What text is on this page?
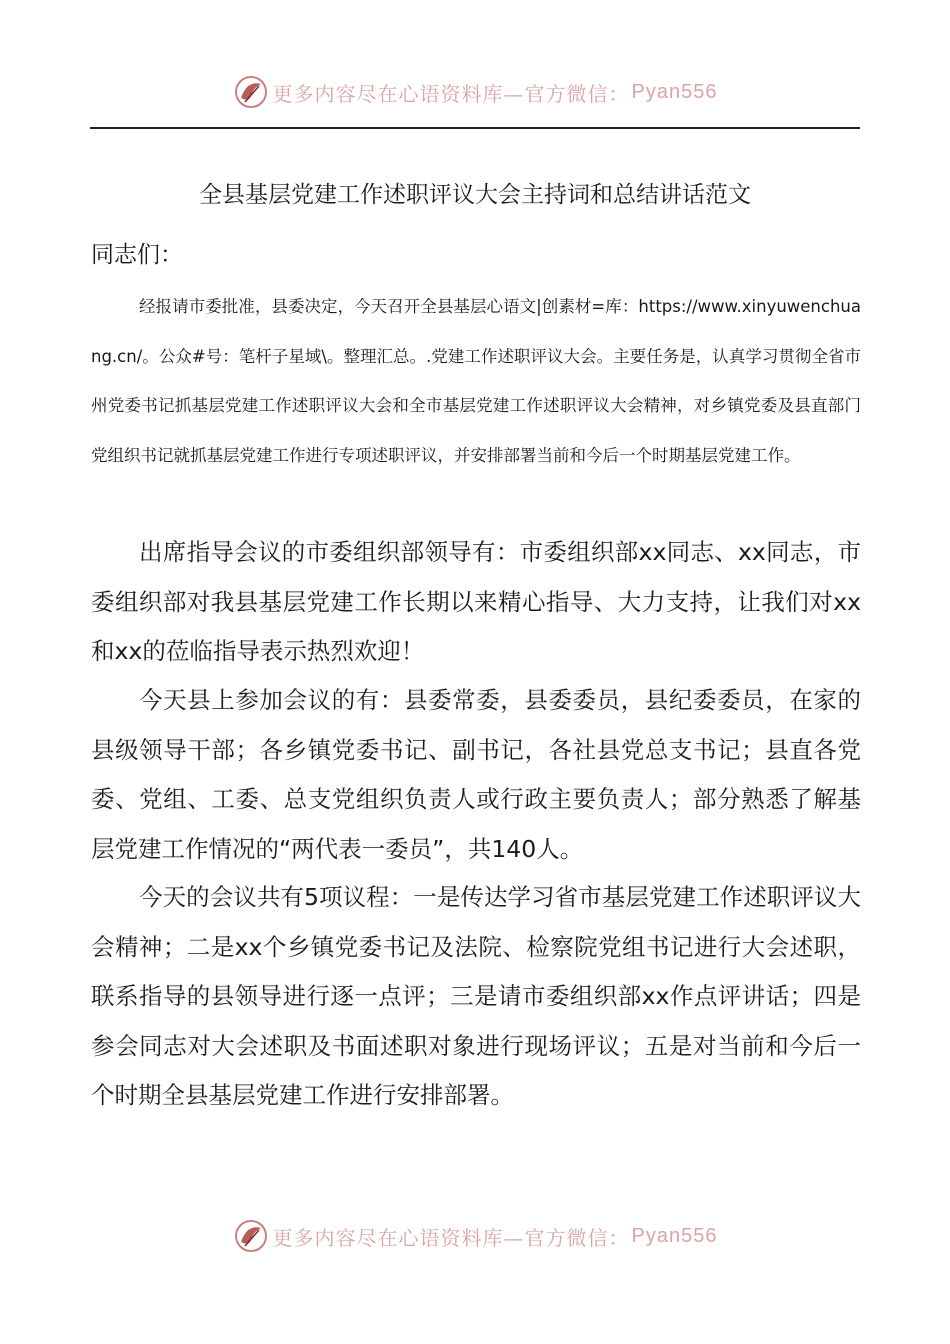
更多内容尽在心语资料库—官方微信： Pyan556
全县基层党建工作述职评议大会主持词和总结讲话范文
同志们：
经报请市委批准，县委决定，今天召开全县基层心语文|创素材=库：https://www.xinyuwenchuang.cn/。公众#号：笔杆子星域\。整理汇总。.党建工作述职评议大会。主要任务是，认真学习贯彻全省市州党委书记抓基层党建工作述职评议大会和全市基层党建工作述职评议大会精神，对乡镇党委及县直部门党组织书记就抓基层党建工作进行专项述职评议，并安排部署当前和今后一个时期基层党建工作。
出席指导会议的市委组织部领导有：市委组织部xx同志、xx同志，市委组织部对我县基层党建工作长期以来精心指导、大力支持，让我们对xx和xx的莅临指导表示热烈欢迎！
今天县上参加会议的有：县委常委，县委委员，县纪委委员，在家的县级领导干部；各乡镇党委书记、副书记，各社县党总支书记；县直各党委、党组、工委、总支党组织负责人或行政主要负责人；部分熟悉了解基层党建工作情况的“两代表一委员”，共140人。
今天的会议共有5项议程：一是传达学习省市基层党建工作述职评议大会精神；二是xx个乡镇党委书记及法院、检察院党组书记进行大会述职，联系指导的县领导进行逐一点评；三是请市委组织部xx作点评讲话；四是参会同志对大会述职及书面述职对象进行现场评议；五是对当前和今后一个时期全县基层党建工作进行安排部署。
更多内容尽在心语资料库—官方微信： Pyan556
